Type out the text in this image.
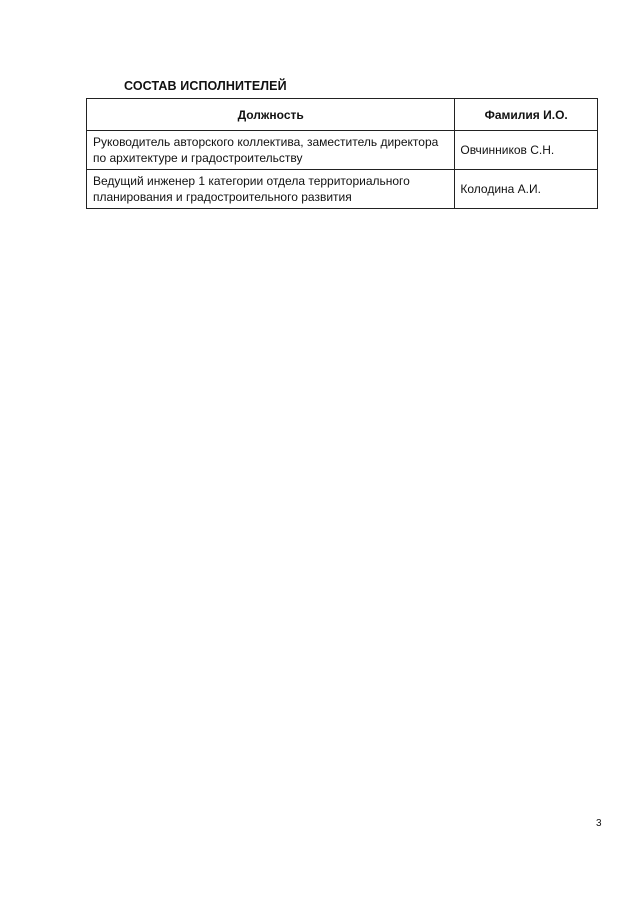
СОСТАВ ИСПОЛНИТЕЛЕЙ
Должность	Фамилия И.О.
Руководитель авторского коллектива, заместитель директора по архитектуре и градостроительству	Овчинников С.Н.
Ведущий инженер 1 категории отдела территориального планирования и градостроительного развития	Колодина А.И.
3
